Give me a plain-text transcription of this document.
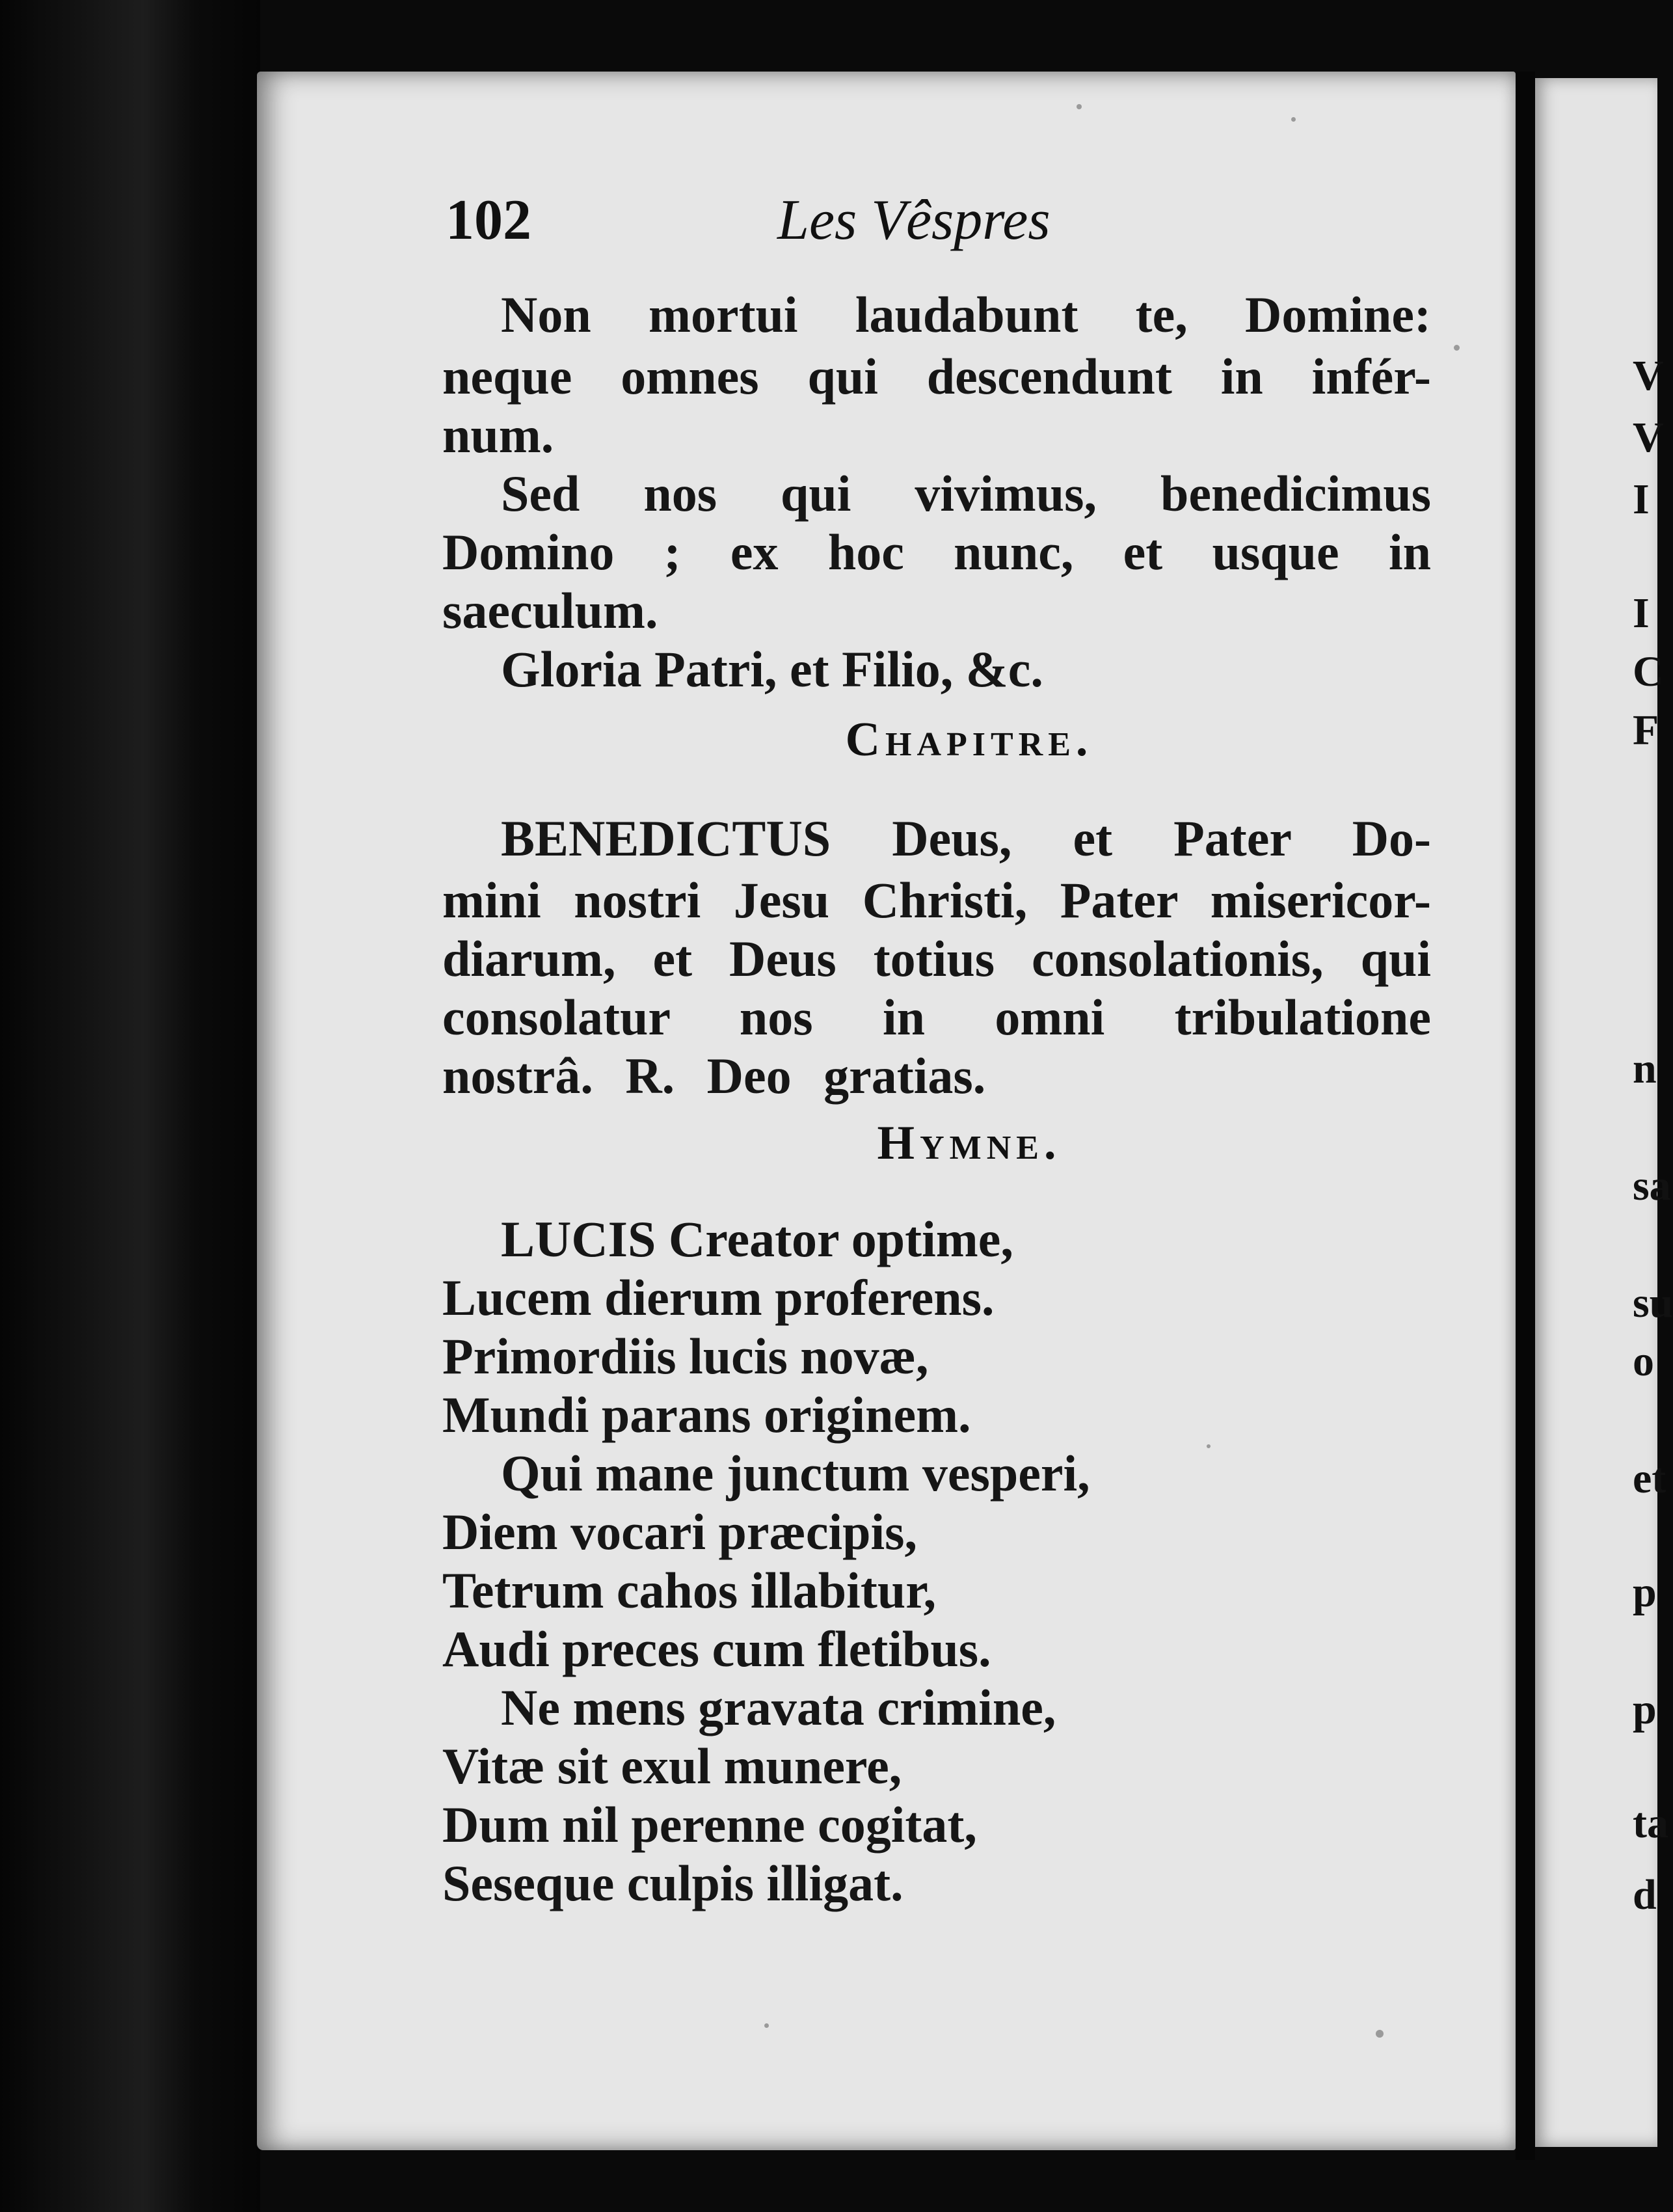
V
V
I
I
C
F
n
sa
su
o
et
p
p
ta
d
102	Les Vêspres
Non mortui laudabunt te, Domine:
neque omnes qui descendunt in infér-
num.
Sed nos qui vivimus, benedicimus
Domino ; ex hoc nunc, et usque in
saeculum.
Gloria Patri, et Filio, &c.
Chapitre.
BENEDICTUS Deus, et Pater Do-
mini nostri Jesu Christi, Pater misericor-
diarum, et Deus totius consolationis, qui
consolatur nos in omni tribulatione
nostrâ. R. Deo gratias.
Hymne.
LUCIS Creator optime,
Lucem dierum proferens.
Primordiis lucis novæ,
Mundi parans originem.
Qui mane junctum vesperi,
Diem vocari præcipis,
Tetrum cahos illabitur,
Audi preces cum fletibus.
Ne mens gravata crimine,
Vitæ sit exul munere,
Dum nil perenne cogitat,
Seseque culpis illigat.
